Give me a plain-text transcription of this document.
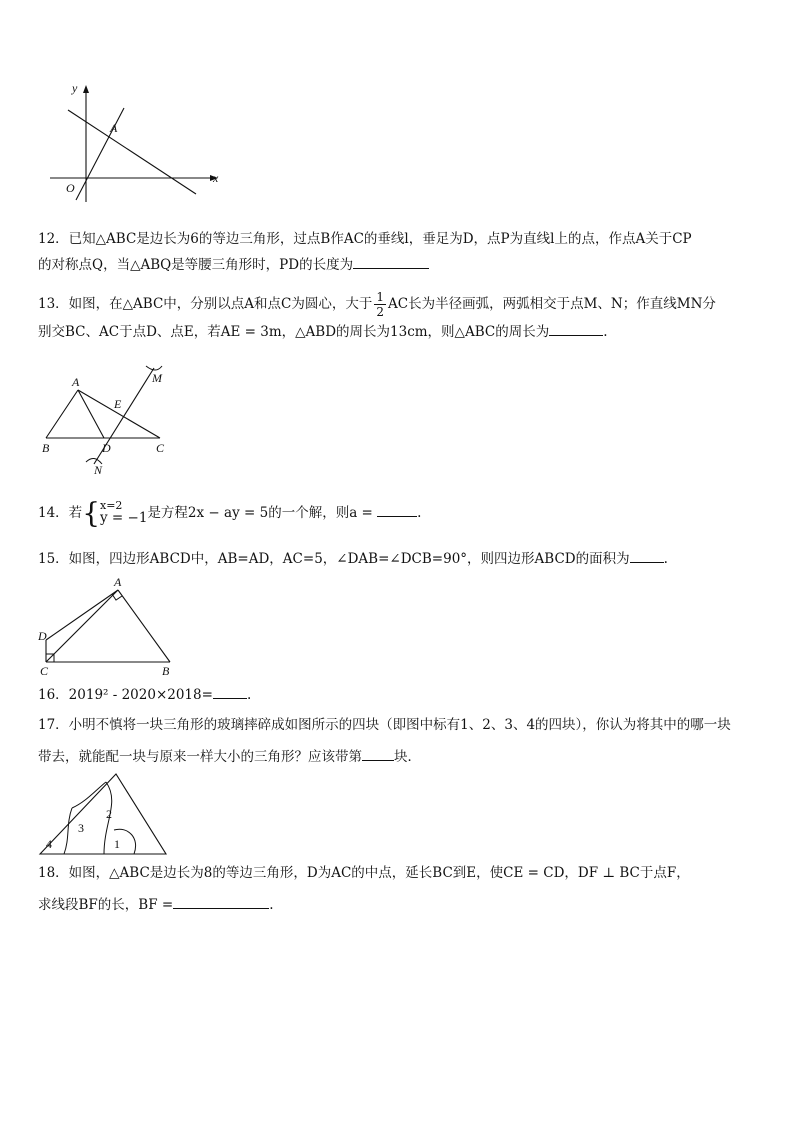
y
x
O
A
12．已知△ABC是边长为6的等边三角形，过点B作AC的垂线l，垂足为D，点P为直线l上的点，作点A关于CP
的对称点Q，当△ABQ是等腰三角形时，PD的长度为
13．如图，在△ABC中，分别以点A和点C为圆心，大于 $\frac{1}{2}$ AC长为半径画弧，两弧相交于点M、N；作直线MN分
别交BC、AC于点D、点E，若AE = 3m，△ABD的周长为13cm，则△ABC的周长为	.
A
B	C
D
E
M
N
14．若{ x=2
y = −1 是方程2x − ay = 5的一个解，则a =	.
15．如图，四边形ABCD中，AB=AD，AC=5，∠DAB=∠DCB=90°，则四边形ABCD的面积为	.
A
B
C
D
16．2019² - 2020×2018=	.
17．小明不慎将一块三角形的玻璃摔碎成如图所示的四块（即图中标有1、2、3、4的四块），你认为将其中的哪一块
带去，就能配一块与原来一样大小的三角形？应该带第 块．
4
3
2
1
18．如图，△ABC是边长为8的等边三角形，D为AC的中点，延长BC到E，使CE = CD，DF ⊥ BC于点F，
求线段BF的长，BF =	.
